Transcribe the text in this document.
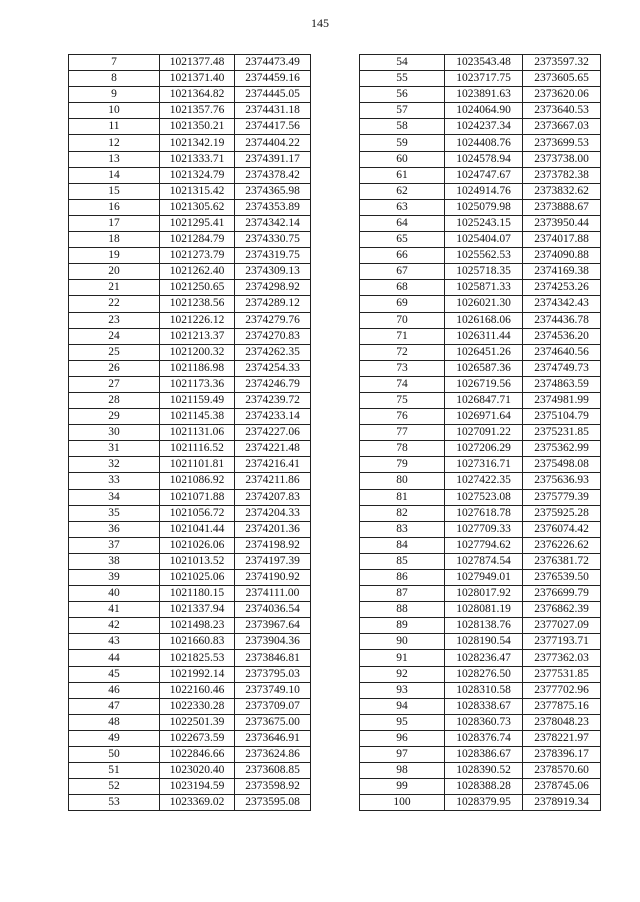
145
7	1021377.48	2374473.49
8	1021371.40	2374459.16
9	1021364.82	2374445.05
10	1021357.76	2374431.18
11	1021350.21	2374417.56
12	1021342.19	2374404.22
13	1021333.71	2374391.17
14	1021324.79	2374378.42
15	1021315.42	2374365.98
16	1021305.62	2374353.89
17	1021295.41	2374342.14
18	1021284.79	2374330.75
19	1021273.79	2374319.75
20	1021262.40	2374309.13
21	1021250.65	2374298.92
22	1021238.56	2374289.12
23	1021226.12	2374279.76
24	1021213.37	2374270.83
25	1021200.32	2374262.35
26	1021186.98	2374254.33
27	1021173.36	2374246.79
28	1021159.49	2374239.72
29	1021145.38	2374233.14
30	1021131.06	2374227.06
31	1021116.52	2374221.48
32	1021101.81	2374216.41
33	1021086.92	2374211.86
34	1021071.88	2374207.83
35	1021056.72	2374204.33
36	1021041.44	2374201.36
37	1021026.06	2374198.92
38	1021013.52	2374197.39
39	1021025.06	2374190.92
40	1021180.15	2374111.00
41	1021337.94	2374036.54
42	1021498.23	2373967.64
43	1021660.83	2373904.36
44	1021825.53	2373846.81
45	1021992.14	2373795.03
46	1022160.46	2373749.10
47	1022330.28	2373709.07
48	1022501.39	2373675.00
49	1022673.59	2373646.91
50	1022846.66	2373624.86
51	1023020.40	2373608.85
52	1023194.59	2373598.92
53	1023369.02	2373595.08
54	1023543.48	2373597.32
55	1023717.75	2373605.65
56	1023891.63	2373620.06
57	1024064.90	2373640.53
58	1024237.34	2373667.03
59	1024408.76	2373699.53
60	1024578.94	2373738.00
61	1024747.67	2373782.38
62	1024914.76	2373832.62
63	1025079.98	2373888.67
64	1025243.15	2373950.44
65	1025404.07	2374017.88
66	1025562.53	2374090.88
67	1025718.35	2374169.38
68	1025871.33	2374253.26
69	1026021.30	2374342.43
70	1026168.06	2374436.78
71	1026311.44	2374536.20
72	1026451.26	2374640.56
73	1026587.36	2374749.73
74	1026719.56	2374863.59
75	1026847.71	2374981.99
76	1026971.64	2375104.79
77	1027091.22	2375231.85
78	1027206.29	2375362.99
79	1027316.71	2375498.08
80	1027422.35	2375636.93
81	1027523.08	2375779.39
82	1027618.78	2375925.28
83	1027709.33	2376074.42
84	1027794.62	2376226.62
85	1027874.54	2376381.72
86	1027949.01	2376539.50
87	1028017.92	2376699.79
88	1028081.19	2376862.39
89	1028138.76	2377027.09
90	1028190.54	2377193.71
91	1028236.47	2377362.03
92	1028276.50	2377531.85
93	1028310.58	2377702.96
94	1028338.67	2377875.16
95	1028360.73	2378048.23
96	1028376.74	2378221.97
97	1028386.67	2378396.17
98	1028390.52	2378570.60
99	1028388.28	2378745.06
100	1028379.95	2378919.34
